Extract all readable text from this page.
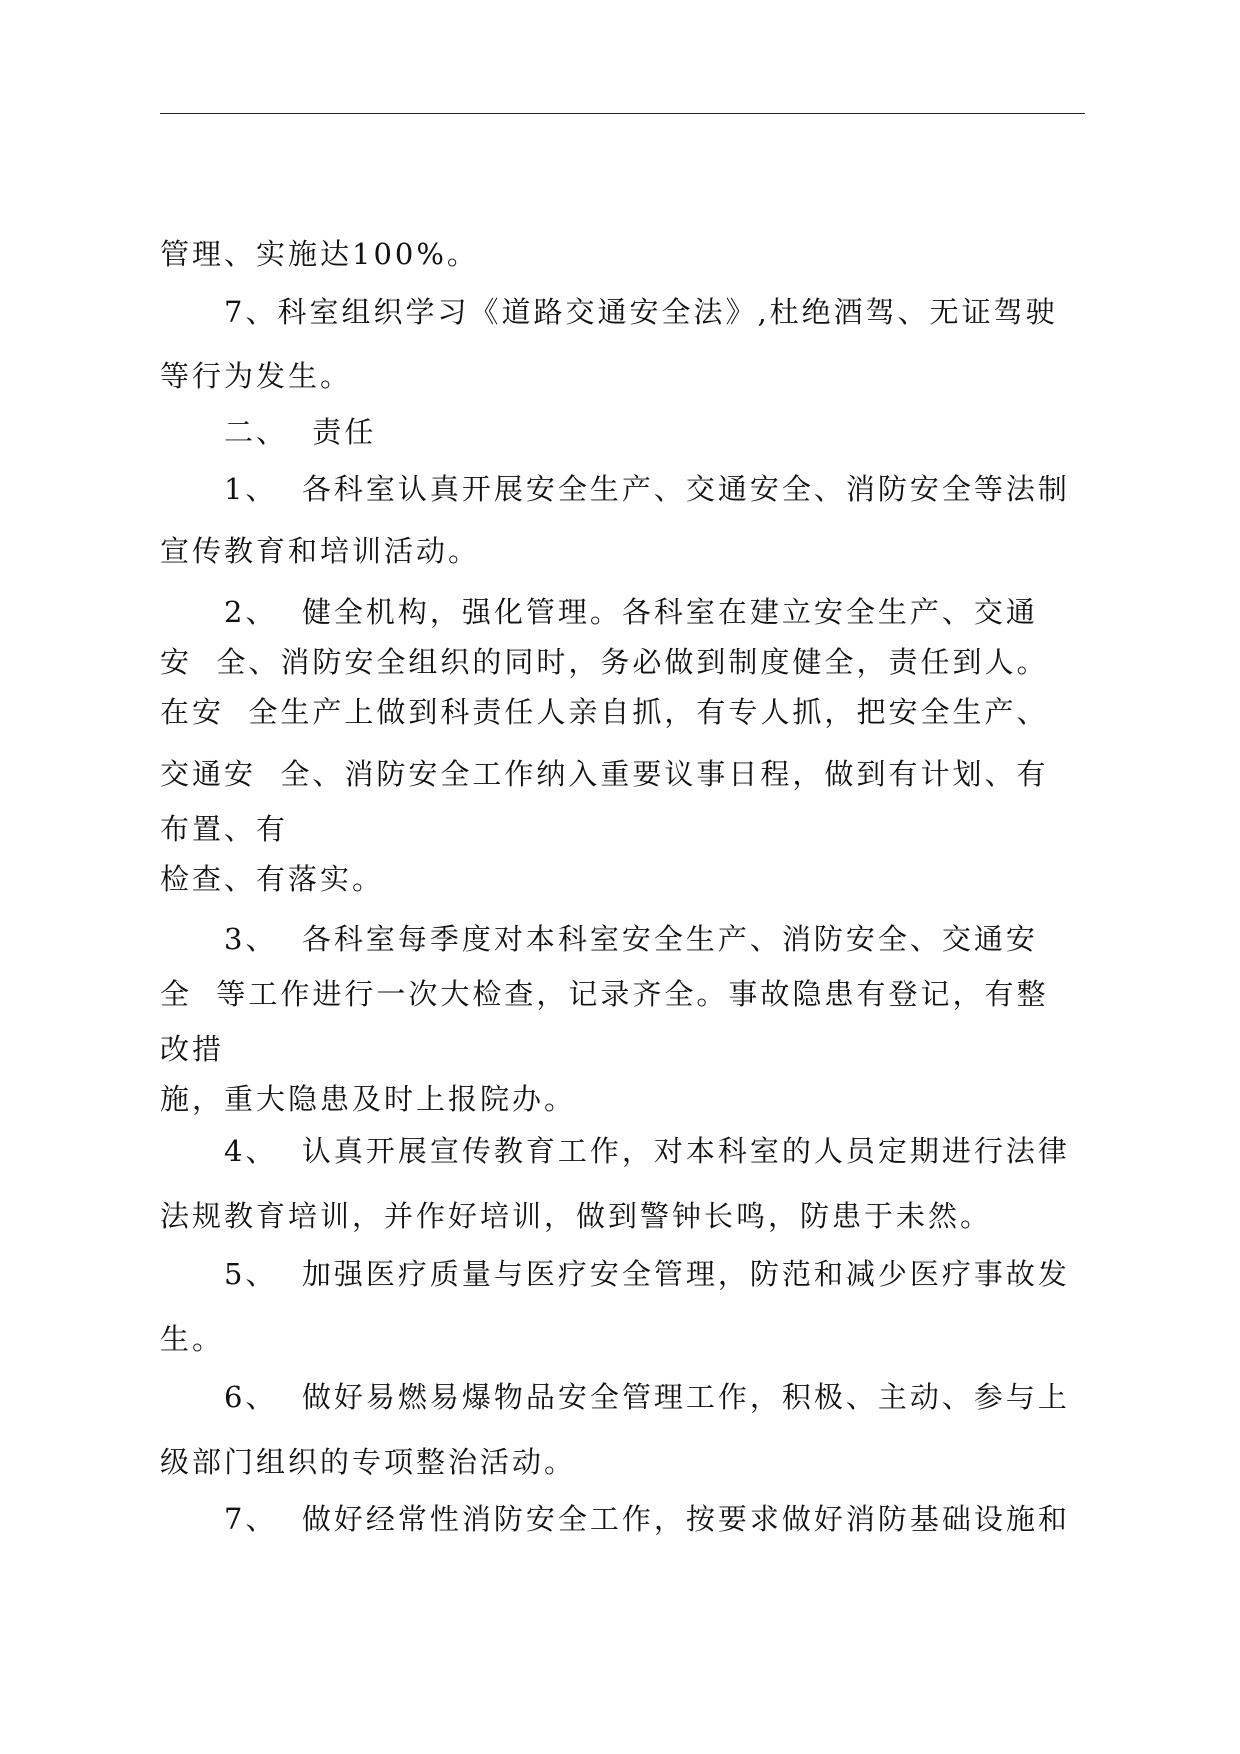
管理、实施达100%。
7、科室组织学习《道路交通安全法》,杜绝酒驾、无证驾驶
等行为发生。
二、  责任
1、  各科室认真开展安全生产、交通安全、消防安全等法制
宣传教育和培训活动。
2、  健全机构，强化管理。各科室在建立安全生产、交通
安  全、消防安全组织的同时，务必做到制度健全，责任到人。
在安  全生产上做到科责任人亲自抓，有专人抓，把安全生产、
交通安  全、消防安全工作纳入重要议事日程，做到有计划、有
布置、有
检查、有落实。
3、  各科室每季度对本科室安全生产、消防安全、交通安
全  等工作进行一次大检查，记录齐全。事故隐患有登记，有整
改措
施，重大隐患及时上报院办。
4、  认真开展宣传教育工作，对本科室的人员定期进行法律
法规教育培训，并作好培训，做到警钟长鸣，防患于未然。
5、  加强医疗质量与医疗安全管理，防范和减少医疗事故发
生。
6、  做好易燃易爆物品安全管理工作，积极、主动、参与上
级部门组织的专项整治活动。
7、  做好经常性消防安全工作，按要求做好消防基础设施和
